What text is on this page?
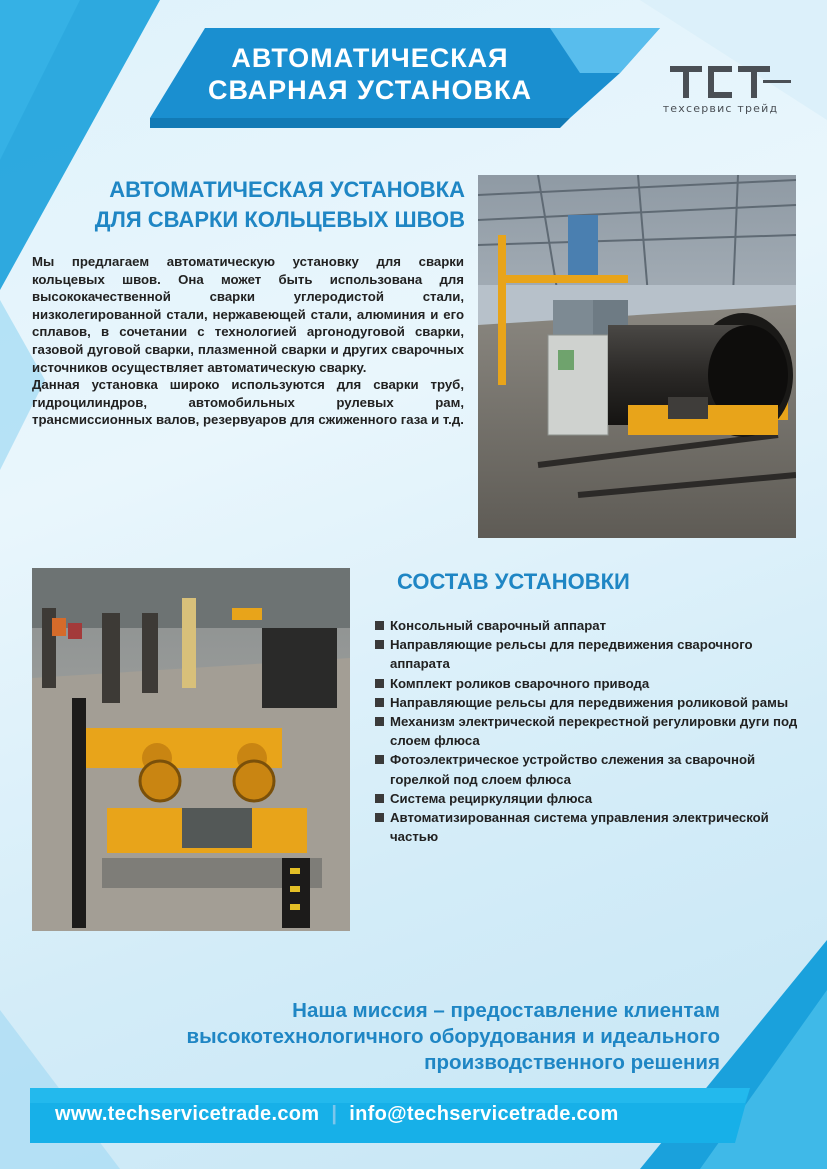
АВТОМАТИЧЕСКАЯ
СВАРНАЯ УСТАНОВКА
техсервис трейд
АВТОМАТИЧЕСКАЯ УСТАНОВКА
ДЛЯ СВАРКИ КОЛЬЦЕВЫХ ШВОВ

Мы предлагаем автоматическую установку для сварки кольцевых швов. Она может быть использована для высококачественной сварки углеродистой стали, низколегированной стали, нержавеющей стали, алюминия и его сплавов, в сочетании с технологией аргонодуговой сварки, газовой дуговой сварки, плазменной сварки и других сварочных источников осуществляет автоматическую сварку.

Данная установка широко используются для сварки труб, гидроцилиндров, автомобильных рулевых рам, трансмиссионных валов, резервуаров для сжиженного газа и т.д.

СОСТАВ УСТАНОВКИ
Консольный сварочный аппарат
Направляющие рельсы для передвижения сварочного аппарата
Комплект роликов сварочного привода
Направляющие рельсы для передвижения роликовой рамы
Механизм электрической перекрестной регулировки дуги под слоем флюса
Фотоэлектрическое устройство слежения за сварочной горелкой под слоем флюса
Система рециркуляции флюса
Автоматизированная система управления электрической частью
Наша миссия – предоставление клиентам
высокотехнологичного оборудования и идеального
производственного решения
www.techservicetrade.com | info@techservicetrade.com
